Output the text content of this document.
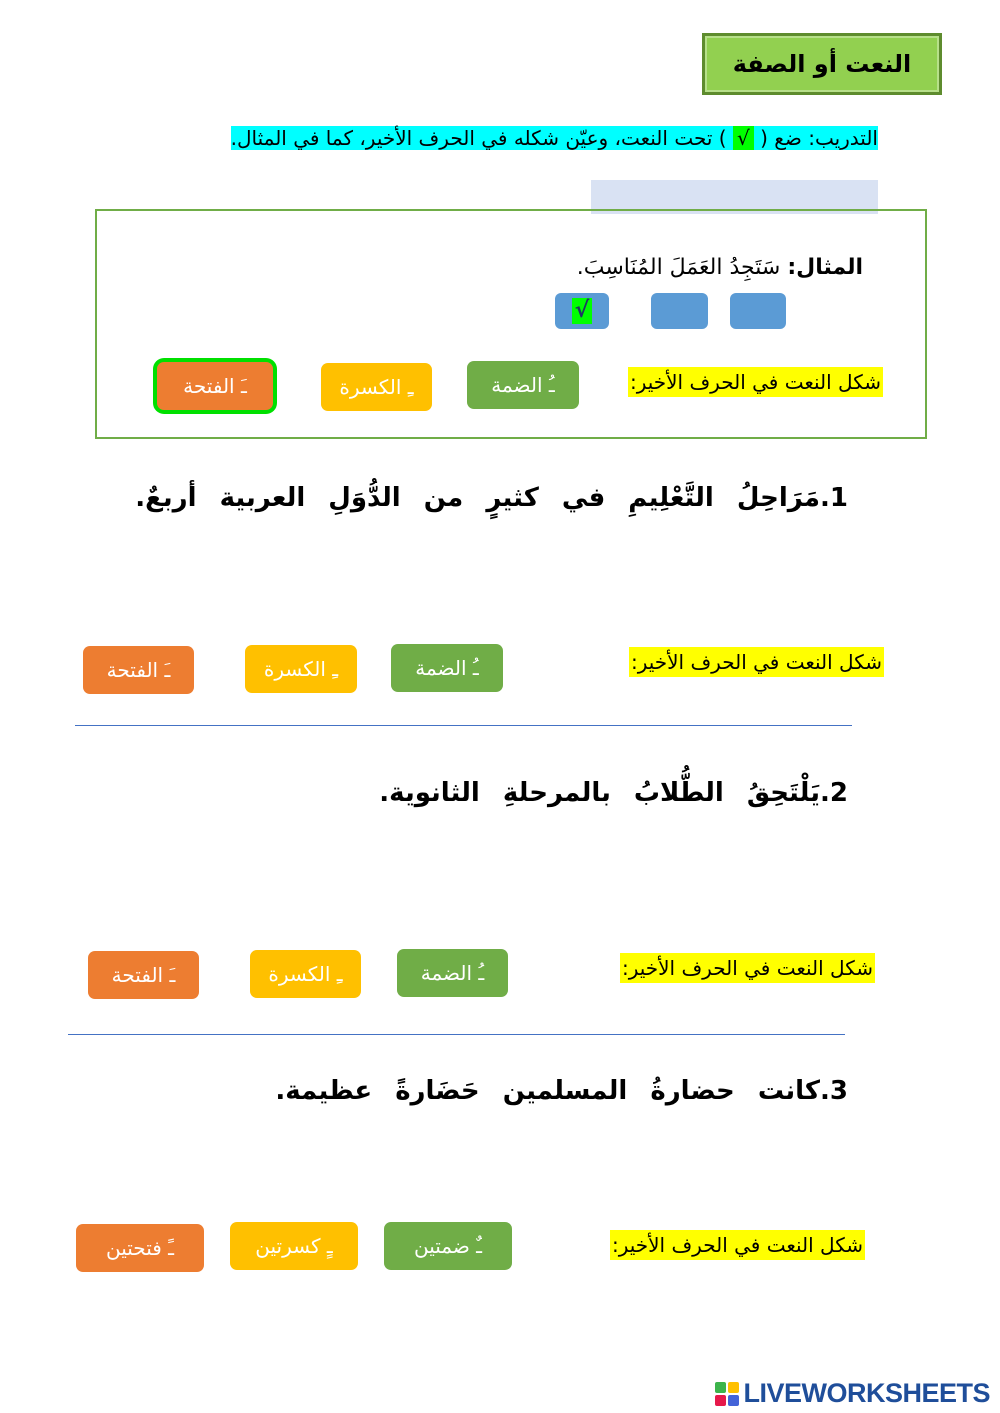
النعت أو الصفة
التدريب: ضع ( √ ) تحت النعت، وعيّن شكله في الحرف الأخير، كما في المثال.
المثال: سَتَجِدُ العَمَلَ المُنَاسِبَ.
√
شكل النعت في الحرف الأخير:
ـُ الضمة
ـِ الكسرة
ـَ الفتحة
1.مَرَاحِلُ التَّعْلِيمِ في كثيرٍ من الدُّوَلِ العربية أربعٌ.
شكل النعت في الحرف الأخير:
ـُ الضمة
ـِ الكسرة
ـَ الفتحة
2.يَلْتَحِقُ الطُّلابُ بالمرحلةِ الثانوية.
شكل النعت في الحرف الأخير:
ـُ الضمة
ـِ الكسرة
ـَ الفتحة
3.كانت حضارةُ المسلمين حَضَارةً عظيمة.
شكل النعت في الحرف الأخير:
ـٌ ضمتين
ـٍ كسرتين
ـً فتحتين
LIVEWORKSHEETS
